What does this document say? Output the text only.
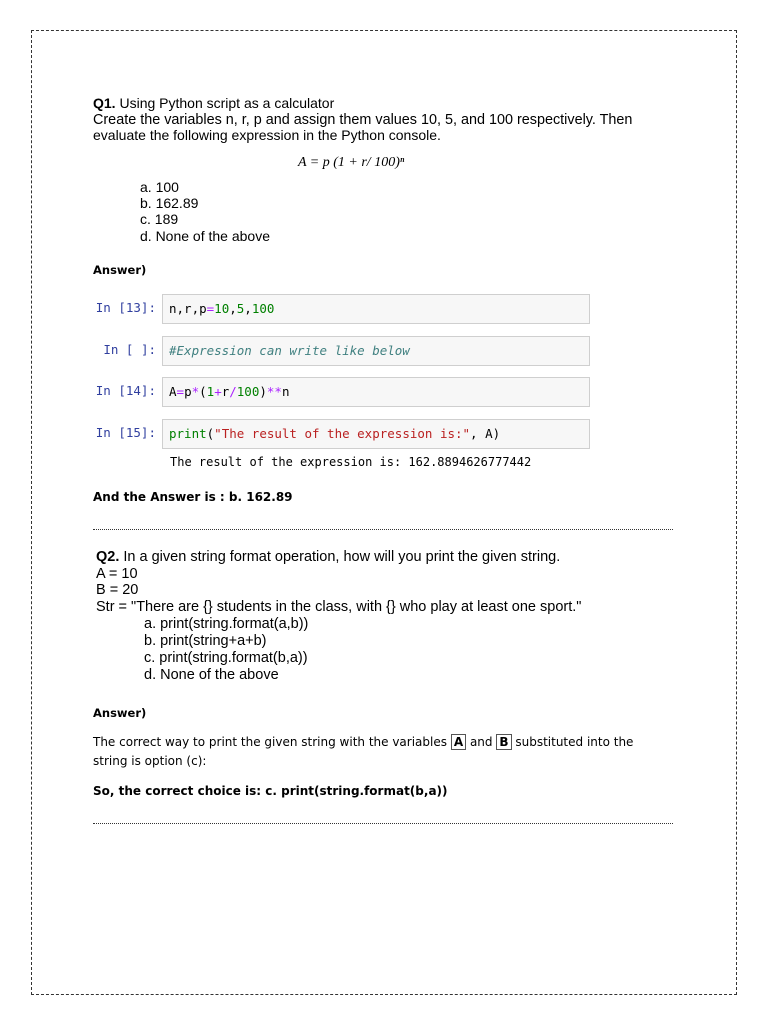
Q1. Using Python script as a calculator
Create the variables n, r, p and assign them values 10, 5, and 100 respectively. Then
evaluate the following expression in the Python console.
A = p (1 + r/ 100)ⁿ
a. 100
b. 162.89
c. 189
d. None of the above
Answer)
In [13]:	n,r,p=10,5,100
In [ ]:	#Expression can write like below
In [14]:	A=p*(1+r/100)**n
In [15]:	print("The result of the expression is:", A)
The result of the expression is: 162.8894626777442
And the Answer is : b. 162.89
Q2. In a given string format operation, how will you print the given string.
A = 10
B = 20
Str = "There are {} students in the class, with {} who play at least one sport."
a. print(string.format(a,b))
b. print(string+a+b)
c. print(string.format(b,a))
d. None of the above
Answer)
The correct way to print the given string with the variables A and B substituted into the
string is option (c):
So, the correct choice is: c. print(string.format(b,a))
